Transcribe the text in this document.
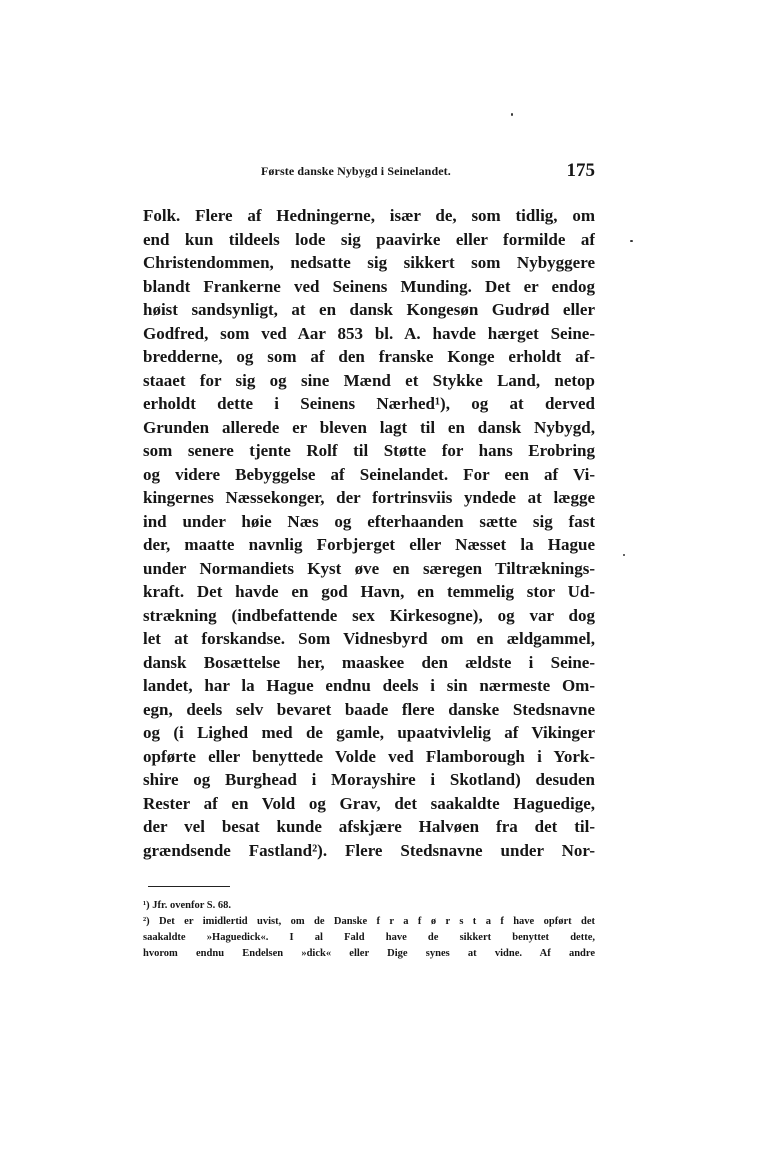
Første danske Nybygd i Seinelandet.	175
Folk. Flere af Hedningerne, især de, som tidlig, om
end kun tildeels lode sig paavirke eller formilde af
Christendommen, nedsatte sig sikkert som Nybyggere
blandt Frankerne ved Seinens Munding. Det er endog
høist sandsynligt, at en dansk Kongesøn Gudrød eller
Godfred, som ved Aar 853 bl. A. havde hærget Seine-
bredderne, og som af den franske Konge erholdt af-
staaet for sig og sine Mænd et Stykke Land, netop
erholdt dette i Seinens Nærhed¹), og at derved
Grunden allerede er bleven lagt til en dansk Nybygd,
som senere tjente Rolf til Støtte for hans Erobring
og videre Bebyggelse af Seinelandet. For een af Vi-
kingernes Næssekonger, der fortrinsviis yndede at lægge
ind under høie Næs og efterhaanden sætte sig fast
der, maatte navnlig Forbjerget eller Næsset la Hague
under Normandiets Kyst øve en særegen Tiltræknings-
kraft. Det havde en god Havn, en temmelig stor Ud-
strækning (indbefattende sex Kirkesogne), og var dog
let at forskandse. Som Vidnesbyrd om en ældgammel,
dansk Bosættelse her, maaskee den ældste i Seine-
landet, har la Hague endnu deels i sin nærmeste Om-
egn, deels selv bevaret baade flere danske Stedsnavne
og (i Lighed med de gamle, upaatvivlelig af Vikinger
opførte eller benyttede Volde ved Flamborough i York-
shire og Burghead i Morayshire i Skotland) desuden
Rester af en Vold og Grav, det saakaldte Haguedige,
der vel besat kunde afskjære Halvøen fra det til-
grændsende Fastland²). Flere Stedsnavne under Nor-
¹) Jfr. ovenfor S. 68.
²) Det er imidlertid uvist, om de Danske f r a f ø r s t a f have opført det
saakaldte »Haguedick«. I al Fald have de sikkert benyttet dette,
hvorom endnu Endelsen »dick« eller Dige synes at vidne. Af andre
